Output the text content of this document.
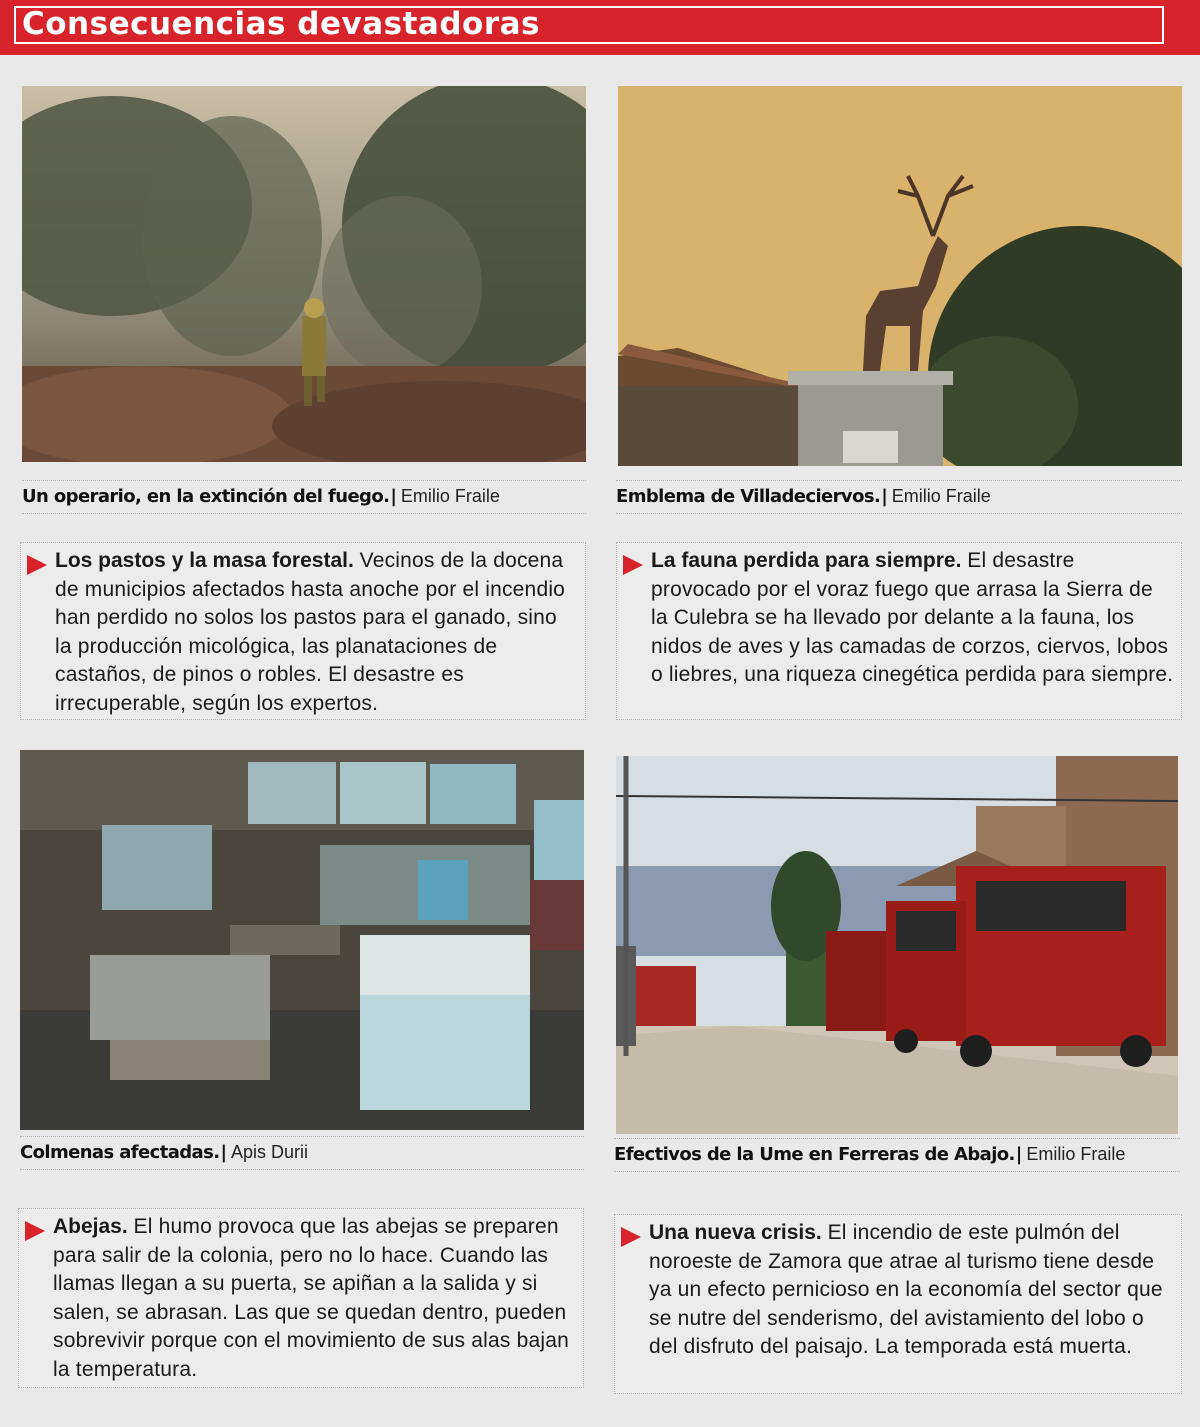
Consecuencias devastadoras
Un operario, en la extinción del fuego.| Emilio Fraile	Emblema de Villadeciervos.| Emilio Fraile
Los pastos y la masa forestal. Vecinos de la docena de municipios afectados hasta anoche por el incendio han perdido no solos los pastos para el ganado, sino la producción micológica, las planataciones de castaños, de pinos o robles. El desastre es irrecuperable, según los expertos.
La fauna perdida para siempre. El desastre provocado por el voraz fuego que arrasa la Sierra de la Culebra se ha llevado por delante a la fauna, los nidos de aves y las camadas de corzos, ciervos, lobos o liebres, una riqueza cinegética perdida para siempre.
Colmenas afectadas.| Apis Durii	Efectivos de la Ume en Ferreras de Abajo.| Emilio Fraile
Abejas. El humo provoca que las abejas se preparen para salir de la colonia, pero no lo hace. Cuando las llamas llegan a su puerta, se apiñan a la salida y si salen, se abrasan. Las que se quedan dentro, pueden sobrevivir porque con el movimiento de sus alas bajan la temperatura.
Una nueva crisis. El incendio de este pulmón del noroeste de Zamora que atrae al turismo tiene desde ya un efecto pernicioso en la economía del sector que se nutre del senderismo, del avistamiento del lobo o del disfruto del paisajo. La temporada está muerta.
